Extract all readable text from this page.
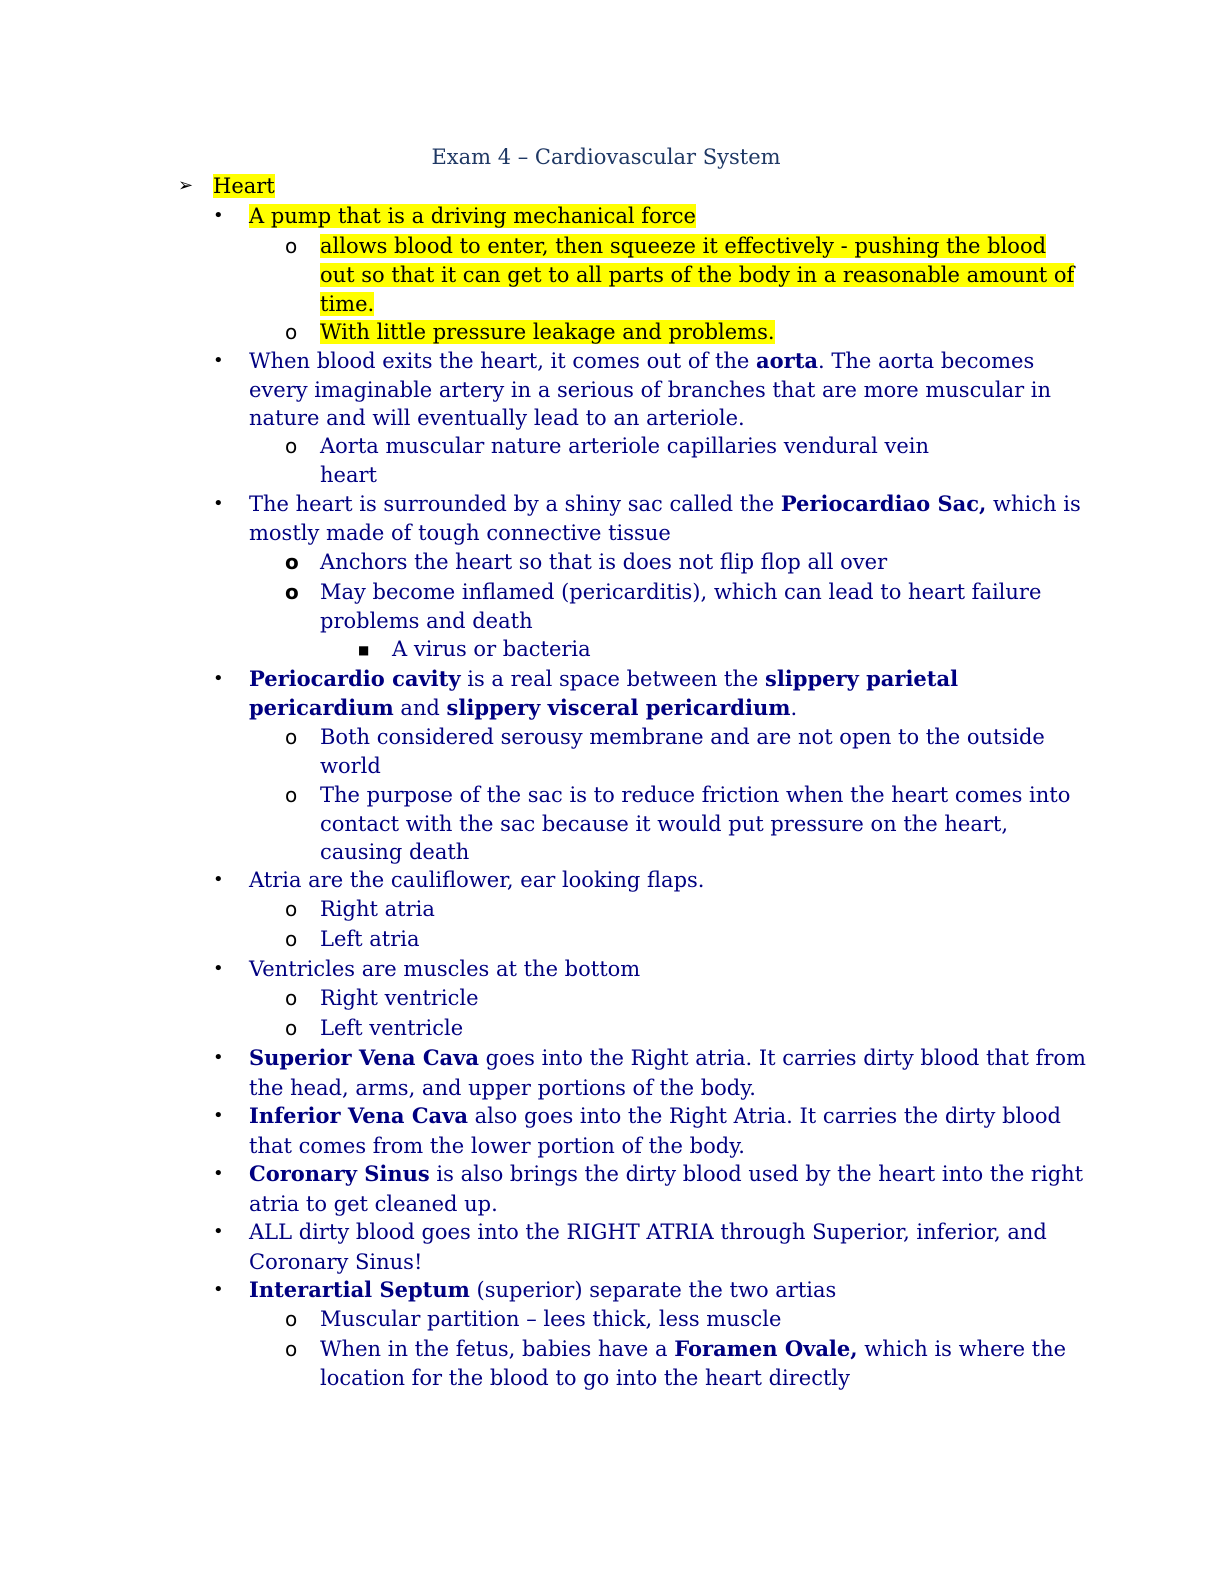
Exam 4 – Cardiovascular System
➢ Heart
• A pump that is a driving mechanical force
o allows blood to enter, then squeeze it effectively - pushing the blood
out so that it can get to all parts of the body in a reasonable amount of
time.
o With little pressure leakage and problems.
• When blood exits the heart, it comes out of the aorta. The aorta becomes
every imaginable artery in a serious of branches that are more muscular in
nature and will eventually lead to an arteriole.
o Aorta muscular nature arteriole capillaries vendural vein
heart
• The heart is surrounded by a shiny sac called the Periocardiao Sac, which is
mostly made of tough connective tissue
o Anchors the heart so that is does not flip flop all over
o May become inflamed (pericarditis), which can lead to heart failure
problems and death
■ A virus or bacteria
• Periocardio cavity is a real space between the slippery parietal
pericardium and slippery visceral pericardium.
o Both considered serousy membrane and are not open to the outside
world
o The purpose of the sac is to reduce friction when the heart comes into
contact with the sac because it would put pressure on the heart,
causing death
• Atria are the cauliflower, ear looking flaps.
o Right atria
o Left atria
• Ventricles are muscles at the bottom
o Right ventricle
o Left ventricle
• Superior Vena Cava goes into the Right atria. It carries dirty blood that from
the head, arms, and upper portions of the body.
• Inferior Vena Cava also goes into the Right Atria. It carries the dirty blood
that comes from the lower portion of the body.
• Coronary Sinus is also brings the dirty blood used by the heart into the right
atria to get cleaned up.
• ALL dirty blood goes into the RIGHT ATRIA through Superior, inferior, and
Coronary Sinus!
• Interartial Septum (superior) separate the two artias
o Muscular partition – lees thick, less muscle
o When in the fetus, babies have a Foramen Ovale, which is where the
location for the blood to go into the heart directly
